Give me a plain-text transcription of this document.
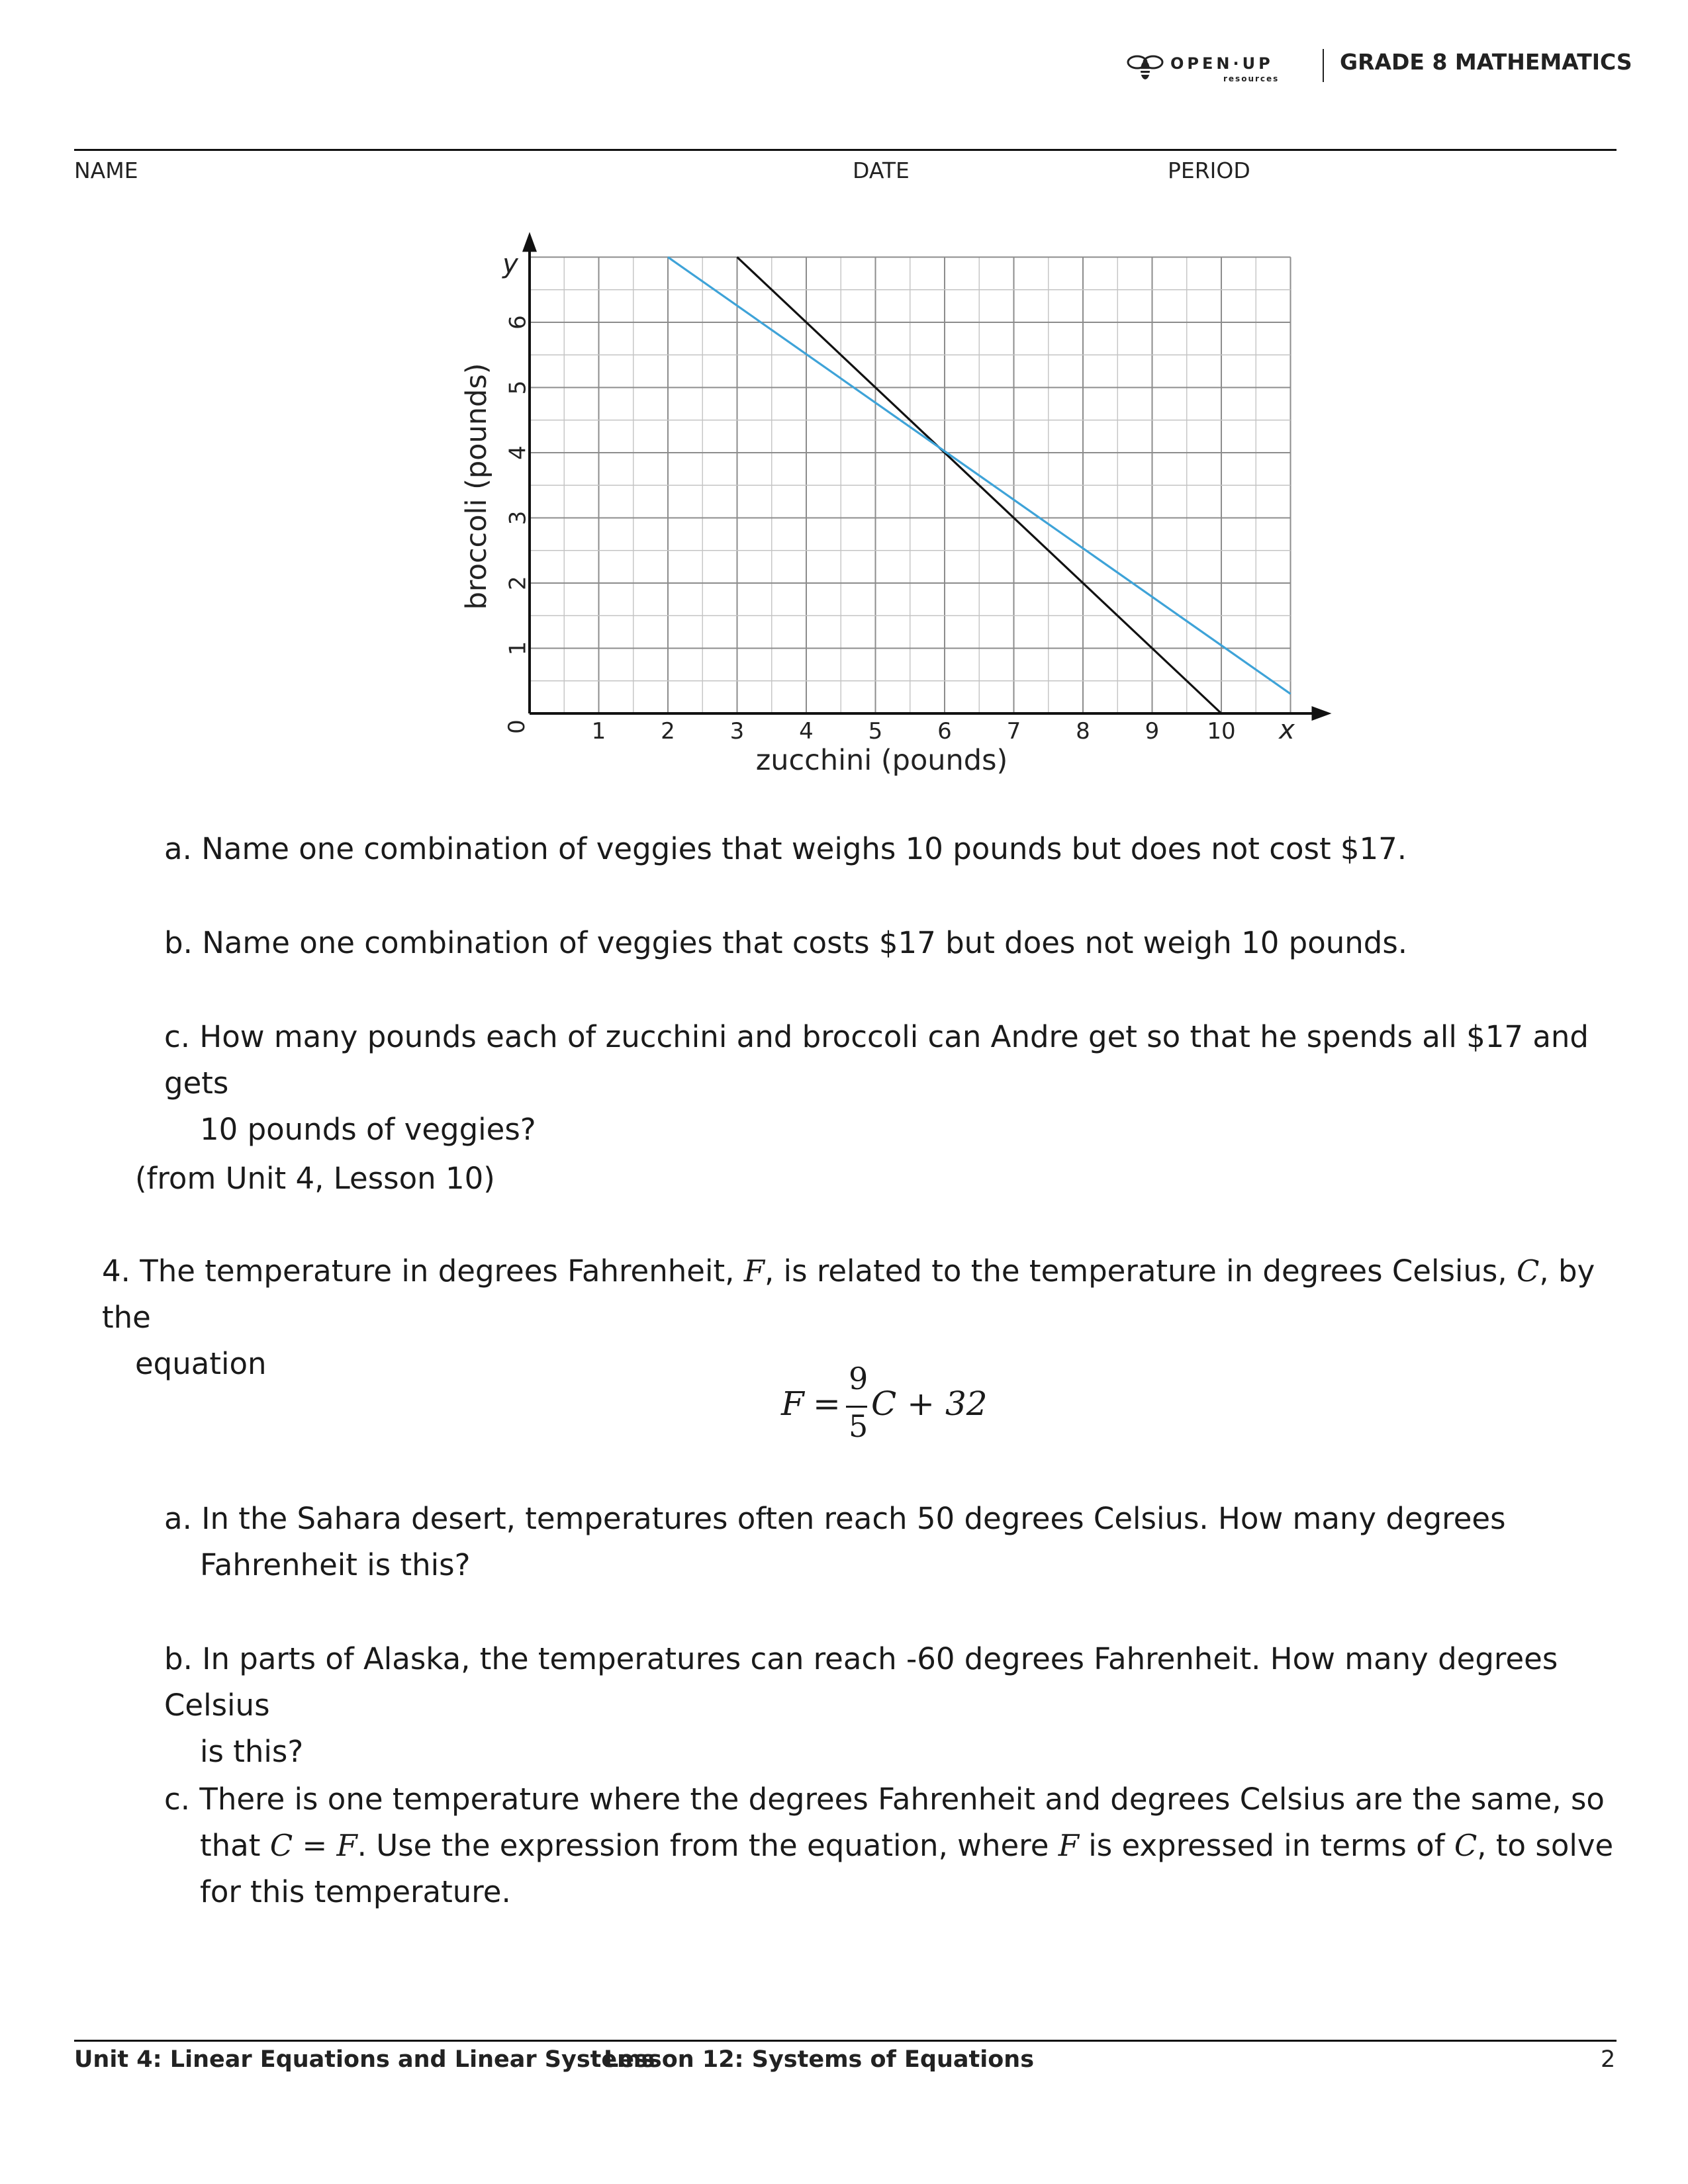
OPEN·UP
resources
GRADE 8 MATHEMATICS
NAME	DATE	PERIOD
zucchini (pounds)
broccoli (pounds)
x
y
0	1 2 3 4 5 6 7 8 9 10
1
2
3
4
5
6
a. Name one combination of veggies that weighs 10 pounds but does not cost $17.
b. Name one combination of veggies that costs $17 but does not weigh 10 pounds.
c. How many pounds each of zucchini and broccoli can Andre get so that he spends all $17 and gets
10 pounds of veggies?
(from Unit 4, Lesson 10)
4. The temperature in degrees Fahrenheit, F, is related to the temperature in degrees Celsius, C, by the
equation
F =
9
5
C + 32
a. In the Sahara desert, temperatures often reach 50 degrees Celsius. How many degrees
Fahrenheit is this?
b. In parts of Alaska, the temperatures can reach -60 degrees Fahrenheit. How many degrees Celsius
is this?
c. There is one temperature where the degrees Fahrenheit and degrees Celsius are the same, so
that C = F. Use the expression from the equation, where F is expressed in terms of C, to solve
for this temperature.
Unit 4: Linear Equations and Linear Systems
Lesson 12: Systems of Equations	2
